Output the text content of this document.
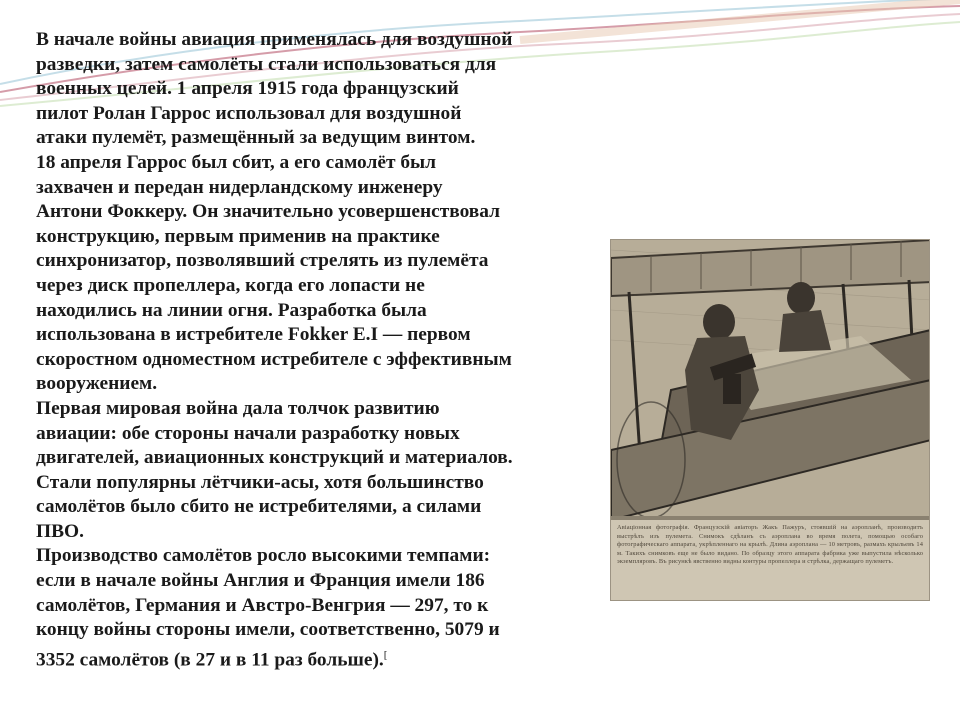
В начале войны авиация применялась для воздушной
разведки, затем самолёты стали использоваться для
военных целей. 1 апреля 1915 года французский
пилот Ролан Гаррос использовал для воздушной
атаки пулемёт, размещённый за ведущим винтом.

18 апреля Гаррос был сбит, а его самолёт был
захвачен и передан нидерландскому инженеру
Антони Фоккеру. Он значительно усовершенствовал
конструкцию, первым применив на практике
синхронизатор, позволявший стрелять из пулемёта
через диск пропеллера, когда его лопасти не
находились на линии огня. Разработка была
использована в истребителе Fokker E.I — первом
скоростном одноместном истребителе с эффективным
вооружением.

Первая мировая война дала толчок развитию
авиации: обе стороны начали разработку новых
двигателей, авиационных конструкций и материалов.
Стали популярны лётчики-асы, хотя большинство
самолётов было сбито не истребителями, а силами
ПВО.

Производство самолётов росло высокими темпами:
если в начале войны Англия и Франция имели 186
самолётов, Германия и Австро-Венгрия — 297, то к
концу войны стороны имели, соответственно, 5079 и
3352 самолётов (в 27 и в 11 раз больше).[

Авіаціонная фотографія. Французскій авіаторъ Жакъ Пажуръ, стоявшій на аэропланѣ, производитъ выстрѣлъ изъ пулемета. Снимокъ сдѣланъ съ аэроплана во время полета, помощью особаго фотографическаго аппарата, укрѣпленнаго на крылѣ. Длина аэроплана — 10 метровъ, размахъ крыльевъ 14 м. Такихъ снимковъ еще не было видано. По образцу этого аппарата фабрика уже выпустила нѣсколько экземпляровъ. Въ рисункѣ явственно видны контуры пропеллера и стрѣлка, держащаго пулеметъ.
